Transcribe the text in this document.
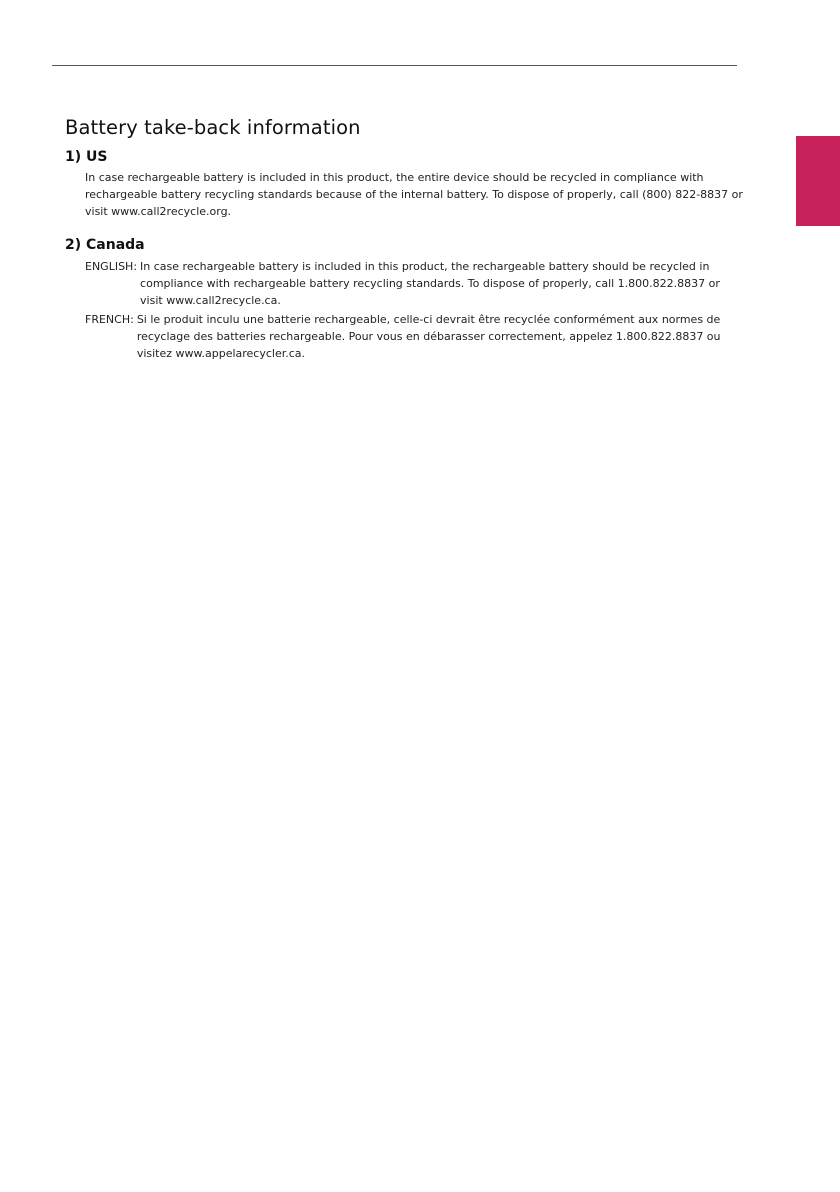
Battery take-back information
1) US

In case rechargeable battery is included in this product, the entire device should be recycled in compliance with rechargeable battery recycling standards because of the internal battery. To dispose of properly, call (800) 822-8837 or visit www.call2recycle.org.

2) Canada
ENGLISH: In case rechargeable battery is included in this product, the rechargeable battery should be recycled in compliance with rechargeable battery recycling standards. To dispose of properly, call 1.800.822.8837 or visit www.call2recycle.ca.
FRENCH: Si le produit inculu une batterie rechargeable, celle-ci devrait être recyclée conformément aux normes de recyclage des batteries rechargeable. Pour vous en débarasser correctement, appelez 1.800.822.8837 ou visitez www.appelarecycler.ca.
